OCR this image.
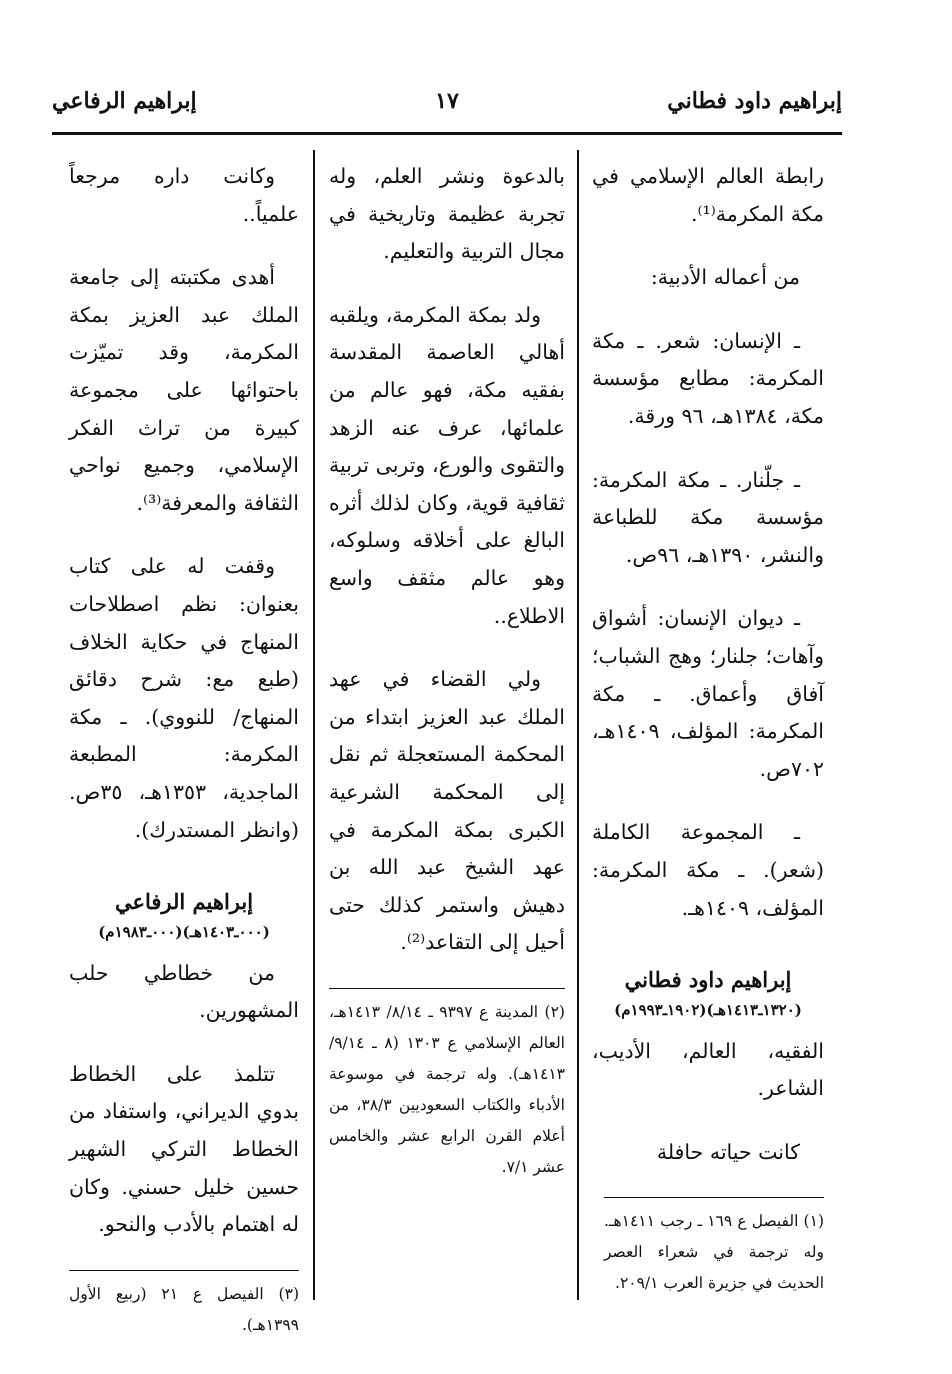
إبراهيم داود فطاني
١٧
إبراهيم الرفاعي

رابطة العالم الإسلامي في مكة المكرمة⁽¹⁾.

من أعماله الأدبية:

ـ الإنسان: شعر. ـ مكة المكرمة: مطابع مؤسسة مكة، ١٣٨٤هـ، ٩٦ ورقة.

ـ جلّنار. ـ مكة المكرمة: مؤسسة مكة للطباعة والنشر، ١٣٩٠هـ، ٩٦ص.

ـ ديوان الإنسان: أشواق وآهات؛ جلنار؛ وهج الشباب؛ آفاق وأعماق. ـ مكة المكرمة: المؤلف، ١٤٠٩هـ، ٧٠٢ص.

ـ المجموعة الكاملة (شعر). ـ مكة المكرمة: المؤلف، ١٤٠٩هـ.

إبراهيم داود فطاني
(١٣٢٠ـ١٤١٣هـ)(١٩٠٢ـ١٩٩٣م)

الفقيه، العالم، الأديب، الشاعر.

كانت حياته حافلة

(١) الفيصل ع ١٦٩ ـ رجب ١٤١١هـ. وله ترجمة في شعراء العصر الحديث في جزيرة العرب ٢٠٩/١.

بالدعوة ونشر العلم، وله تجربة عظيمة وتاريخية في مجال التربية والتعليم.

ولد بمكة المكرمة، ويلقبه أهالي العاصمة المقدسة بفقيه مكة، فهو عالم من علمائها، عرف عنه الزهد والتقوى والورع، وتربى تربية ثقافية قوية، وكان لذلك أثره البالغ على أخلاقه وسلوكه، وهو عالم مثقف واسع الاطلاع..

ولي القضاء في عهد الملك عبد العزيز ابتداء من المحكمة المستعجلة ثم نقل إلى المحكمة الشرعية الكبرى بمكة المكرمة في عهد الشيخ عبد الله بن دهيش واستمر كذلك حتى أحيل إلى التقاعد⁽²⁾.

(٢) المدينة ع ٩٣٩٧ ـ ٨/١٤/ ١٤١٣هـ، العالم الإسلامي ع ١٣٠٣ (٨ ـ ٩/١٤/ ١٤١٣هـ). وله ترجمة في موسوعة الأدباء والكتاب السعوديين ٣٨/٣، من أعلام القرن الرابع عشر والخامس عشر ٧/١.

وكانت داره مرجعاً علمياً..

أهدى مكتبته إلى جامعة الملك عبد العزيز بمكة المكرمة، وقد تميّزت باحتوائها على مجموعة كبيرة من تراث الفكر الإسلامي، وجميع نواحي الثقافة والمعرفة⁽³⁾.

وقفت له على كتاب بعنوان: نظم اصطلاحات المنهاج في حكاية الخلاف (طبع مع: شرح دقائق المنهاج/ للنووي). ـ مكة المكرمة: المطبعة الماجدية، ١٣٥٣هـ، ٣٥ص. (وانظر المستدرك).

إبراهيم الرفاعي
(٠٠٠ـ١٤٠٣هـ)(٠٠٠ـ١٩٨٣م)

من خطاطي حلب المشهورين.

تتلمذ على الخطاط بدوي الديراني، واستفاد من الخطاط التركي الشهير حسين خليل حسني. وكان له اهتمام بالأدب والنحو.

(٣) الفيصل ع ٢١ (ربيع الأول ١٣٩٩هـ).
